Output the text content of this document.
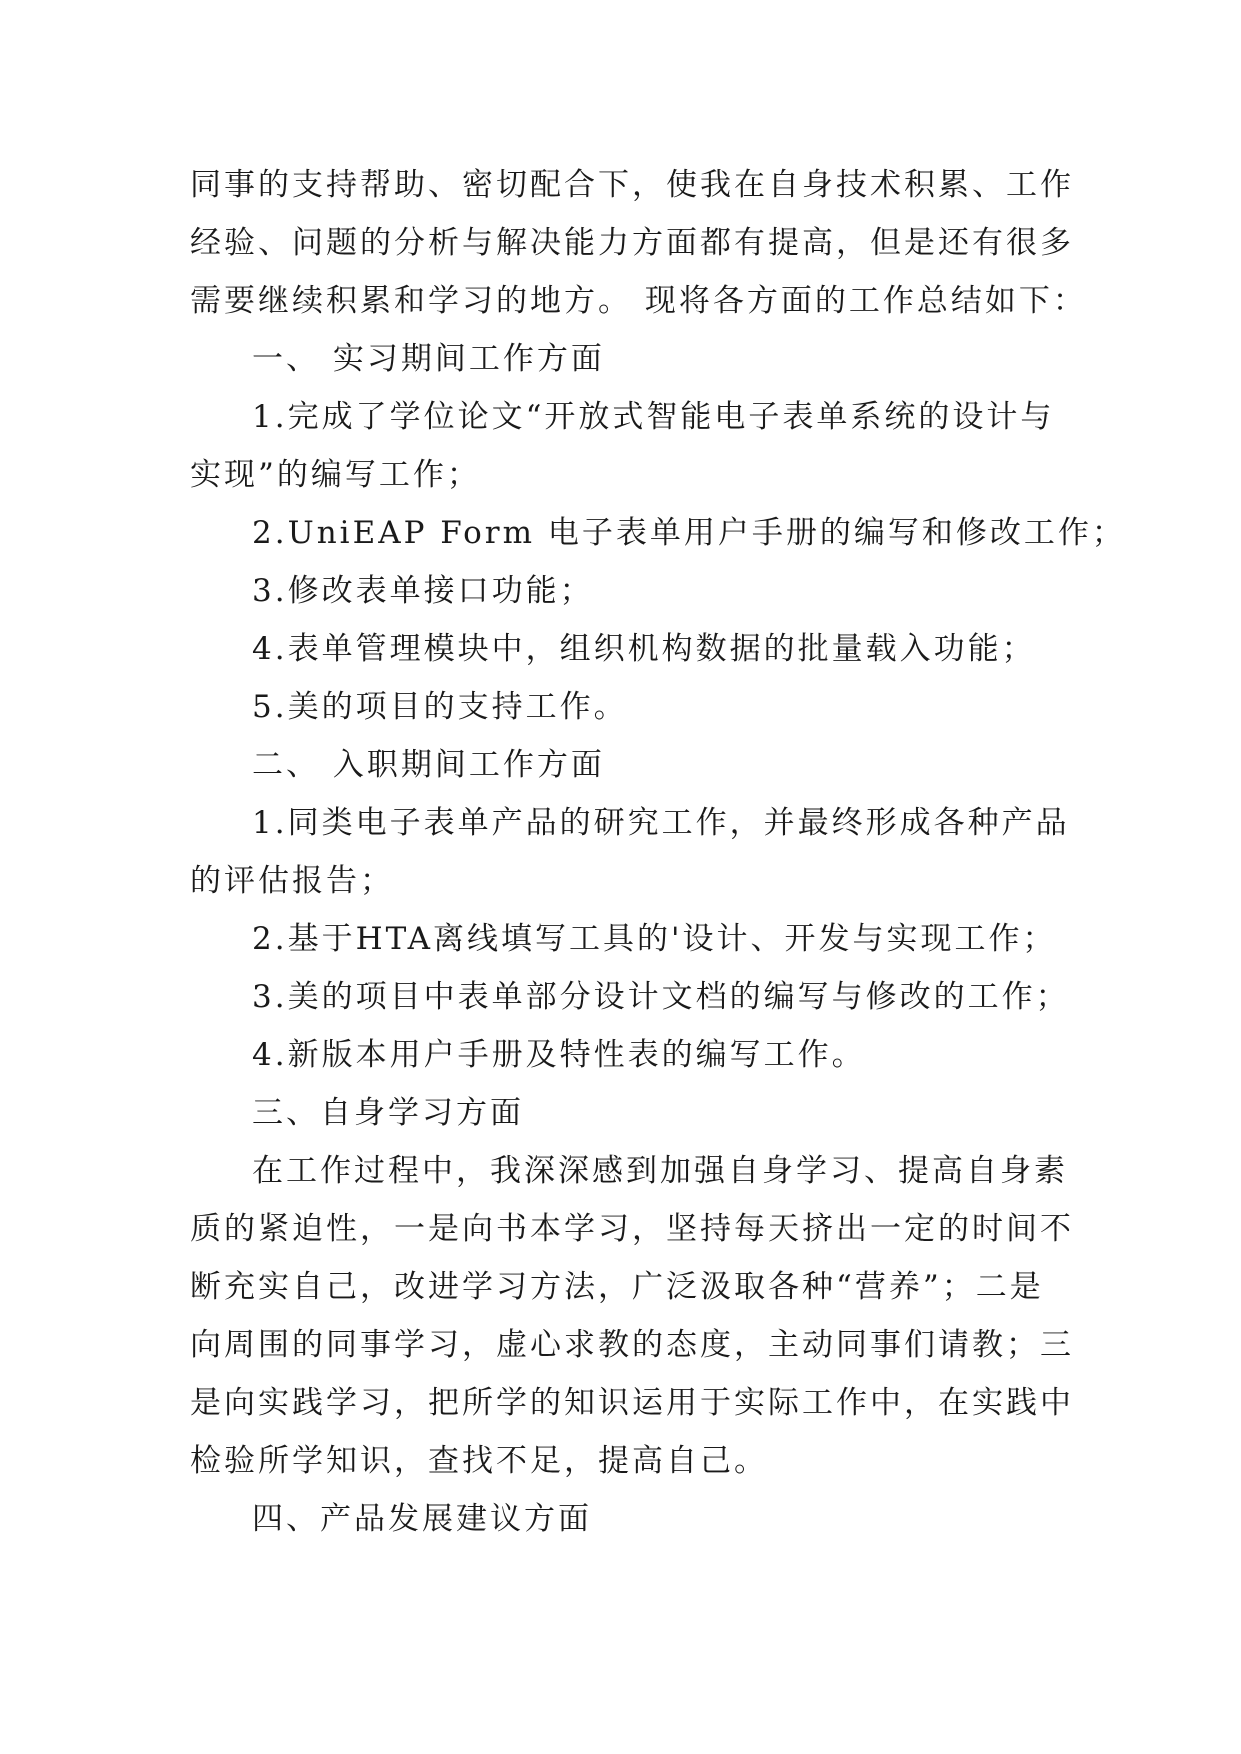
同事的支持帮助、密切配合下，使我在自身技术积累、工作
经验、问题的分析与解决能力方面都有提高，但是还有很多
需要继续积累和学习的地方。 现将各方面的工作总结如下：
一、 实习期间工作方面
1.完成了学位论文“开放式智能电子表单系统的设计与
实现”的编写工作；
2.UniEAP Form 电子表单用户手册的编写和修改工作；
3.修改表单接口功能；
4.表单管理模块中，组织机构数据的批量载入功能；
5.美的项目的支持工作。
二、 入职期间工作方面
1.同类电子表单产品的研究工作，并最终形成各种产品
的评估报告；
2.基于HTA离线填写工具的'设计、开发与实现工作；
3.美的项目中表单部分设计文档的编写与修改的工作；
4.新版本用户手册及特性表的编写工作。
三、自身学习方面
在工作过程中，我深深感到加强自身学习、提高自身素
质的紧迫性，一是向书本学习，坚持每天挤出一定的时间不
断充实自己，改进学习方法，广泛汲取各种“营养”；二是
向周围的同事学习，虚心求教的态度，主动同事们请教；三
是向实践学习，把所学的知识运用于实际工作中，在实践中
检验所学知识，查找不足，提高自己。
四、产品发展建议方面
